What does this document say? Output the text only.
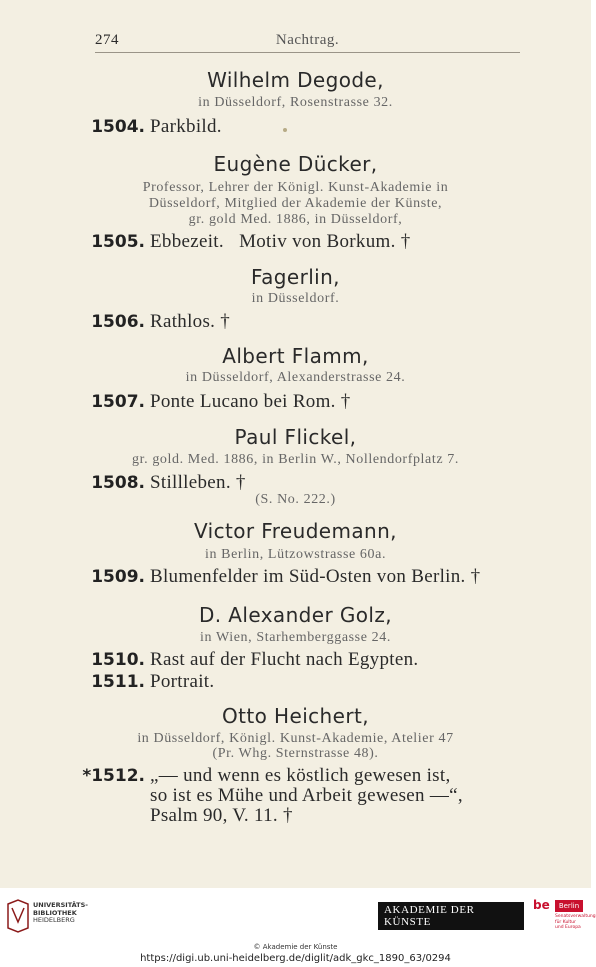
274	Nachtrag.
Wilhelm Degode,
in Düsseldorf, Rosenstrasse 32.
1504. Parkbild.
Eugène Dücker,
Professor, Lehrer der Königl. Kunst-Akademie in
Düsseldorf, Mitglied der Akademie der Künste,
gr. gold Med. 1886, in Düsseldorf,
1505. Ebbezeit.   Motiv von Borkum. †
Fagerlin,
in Düsseldorf.
1506. Rathlos. †
Albert Flamm,
in Düsseldorf, Alexanderstrasse 24.
1507. Ponte Lucano bei Rom. †
Paul Flickel,
gr. gold. Med. 1886, in Berlin W., Nollendorfplatz 7.
1508. Stillleben. †
(S. No. 222.)
Victor Freudemann,
in Berlin, Lützowstrasse 60a.
1509. Blumenfelder im Süd-Osten von Berlin. †
D. Alexander Golz,
in Wien, Starhemberggasse 24.
1510. Rast auf der Flucht nach Egypten.
1511. Portrait.
Otto Heichert,
in Düsseldorf, Königl. Kunst-Akademie, Atelier 47
(Pr. Whg. Sternstrasse 48).
*1512. „— und wenn es köstlich gewesen ist,
so ist es Mühe und Arbeit gewesen —“,
Psalm 90, V. 11. †
UNIVERSITÄTS-
BIBLIOTHEK
HEIDELBERG
AKADEMIE DER KÜNSTE
be	Berlin
Senatsverwaltung für Kultur und Europa
© Akademie der Künste
https://digi.ub.uni-heidelberg.de/diglit/adk_gkc_1890_63/0294
